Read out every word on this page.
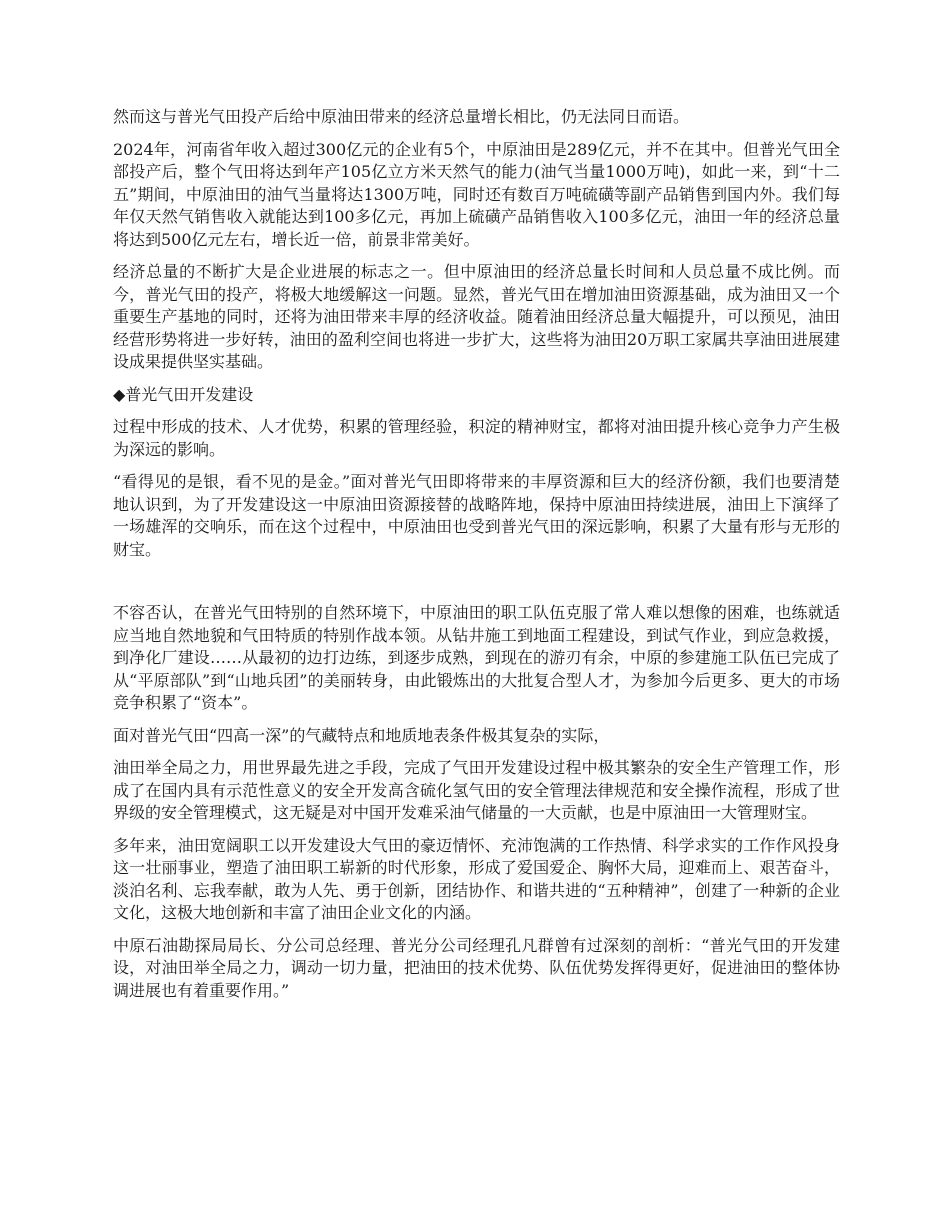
然而这与普光气田投产后给中原油田带来的经济总量增长相比，仍无法同日而语。

2024年，河南省年收入超过300亿元的企业有5个，中原油田是289亿元，并不在其中。但普光气田全部投产后，整个气田将达到年产105亿立方米天然气的能力(油气当量1000万吨)，如此一来，到“十二五”期间，中原油田的油气当量将达1300万吨，同时还有数百万吨硫磺等副产品销售到国内外。我们每年仅天然气销售收入就能达到100多亿元，再加上硫磺产品销售收入100多亿元，油田一年的经济总量将达到500亿元左右，增长近一倍，前景非常美好。

经济总量的不断扩大是企业进展的标志之一。但中原油田的经济总量长时间和人员总量不成比例。而今，普光气田的投产，将极大地缓解这一问题。显然，普光气田在增加油田资源基础，成为油田又一个重要生产基地的同时，还将为油田带来丰厚的经济收益。随着油田经济总量大幅提升，可以预见，油田经营形势将进一步好转，油田的盈利空间也将进一步扩大，这些将为油田20万职工家属共享油田进展建设成果提供坚实基础。

◆普光气田开发建设

过程中形成的技术、人才优势，积累的管理经验，积淀的精神财宝，都将对油田提升核心竞争力产生极为深远的影响。

“看得见的是银，看不见的是金。”面对普光气田即将带来的丰厚资源和巨大的经济份额，我们也要清楚地认识到，为了开发建设这一中原油田资源接替的战略阵地，保持中原油田持续进展，油田上下演绎了一场雄浑的交响乐，而在这个过程中，中原油田也受到普光气田的深远影响，积累了大量有形与无形的财宝。

不容否认，在普光气田特别的自然环境下，中原油田的职工队伍克服了常人难以想像的困难，也练就适应当地自然地貌和气田特质的特别作战本领。从钻井施工到地面工程建设，到试气作业，到应急救援，到净化厂建设……从最初的边打边练，到逐步成熟，到现在的游刃有余，中原的参建施工队伍已完成了从“平原部队”到“山地兵团”的美丽转身，由此锻炼出的大批复合型人才，为参加今后更多、更大的市场竞争积累了“资本”。

面对普光气田“四高一深”的气藏特点和地质地表条件极其复杂的实际，

油田举全局之力，用世界最先进之手段，完成了气田开发建设过程中极其繁杂的安全生产管理工作，形成了在国内具有示范性意义的安全开发高含硫化氢气田的安全管理法律规范和安全操作流程，形成了世界级的安全管理模式，这无疑是对中国开发难采油气储量的一大贡献，也是中原油田一大管理财宝。

多年来，油田宽阔职工以开发建设大气田的豪迈情怀、充沛饱满的工作热情、科学求实的工作作风投身这一壮丽事业，塑造了油田职工崭新的时代形象，形成了爱国爱企、胸怀大局，迎难而上、艰苦奋斗，淡泊名利、忘我奉献，敢为人先、勇于创新，团结协作、和谐共进的“五种精神”，创建了一种新的企业文化，这极大地创新和丰富了油田企业文化的内涵。

中原石油勘探局局长、分公司总经理、普光分公司经理孔凡群曾有过深刻的剖析：“普光气田的开发建设，对油田举全局之力，调动一切力量，把油田的技术优势、队伍优势发挥得更好，促进油田的整体协调进展也有着重要作用。”
